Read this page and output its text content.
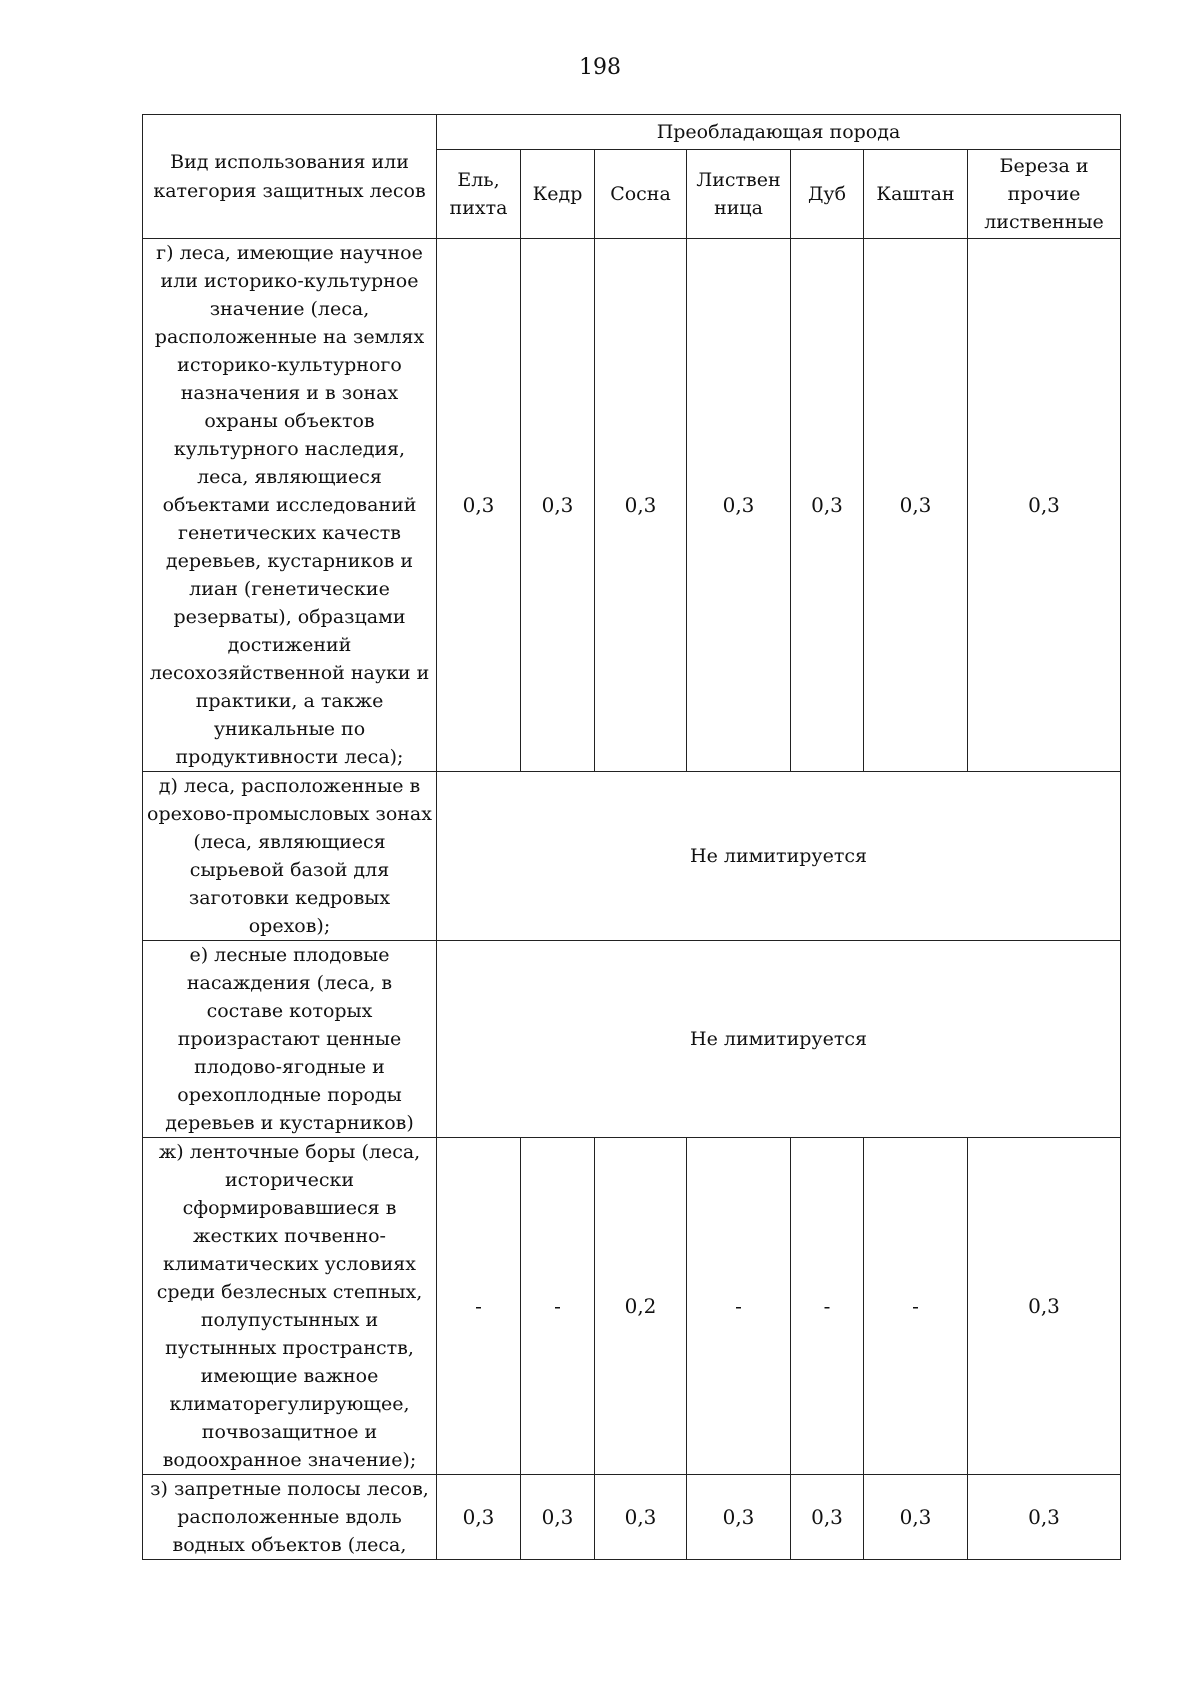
198
Вид использования или категория защитных лесов	Преобладающая порода						
	Ель, пихта	Кедр	Сосна	Листвен ница	Дуб	Каштан	Береза и прочие лиственные
г) леса, имеющие научное или историко-культурное значение (леса, расположенные на землях историко-культурного назначения и в зонах охраны объектов культурного наследия, леса, являющиеся объектами исследований генетических качеств деревьев, кустарников и лиан (генетические резерваты), образцами достижений лесохозяйственной науки и практики, а также уникальные по продуктивности леса);	0,3	0,3	0,3	0,3	0,3	0,3	0,3
д) леса, расположенные в орехово-промысловых зонах (леса, являющиеся сырьевой базой для заготовки кедровых орехов);	Не лимитируется						
е) лесные плодовые насаждения (леса, в составе которых произрастают ценные плодово-ягодные и орехоплодные породы деревьев и кустарников)	Не лимитируется						
ж) ленточные боры (леса, исторически сформировавшиеся в жестких почвенно-климатических условиях среди безлесных степных, полупустынных и пустынных пространств, имеющие важное климаторегулирующее, почвозащитное и водоохранное значение);	-	-	0,2	-	-	-	0,3
з) запретные полосы лесов, расположенные вдоль водных объектов (леса,	0,3	0,3	0,3	0,3	0,3	0,3	0,3
